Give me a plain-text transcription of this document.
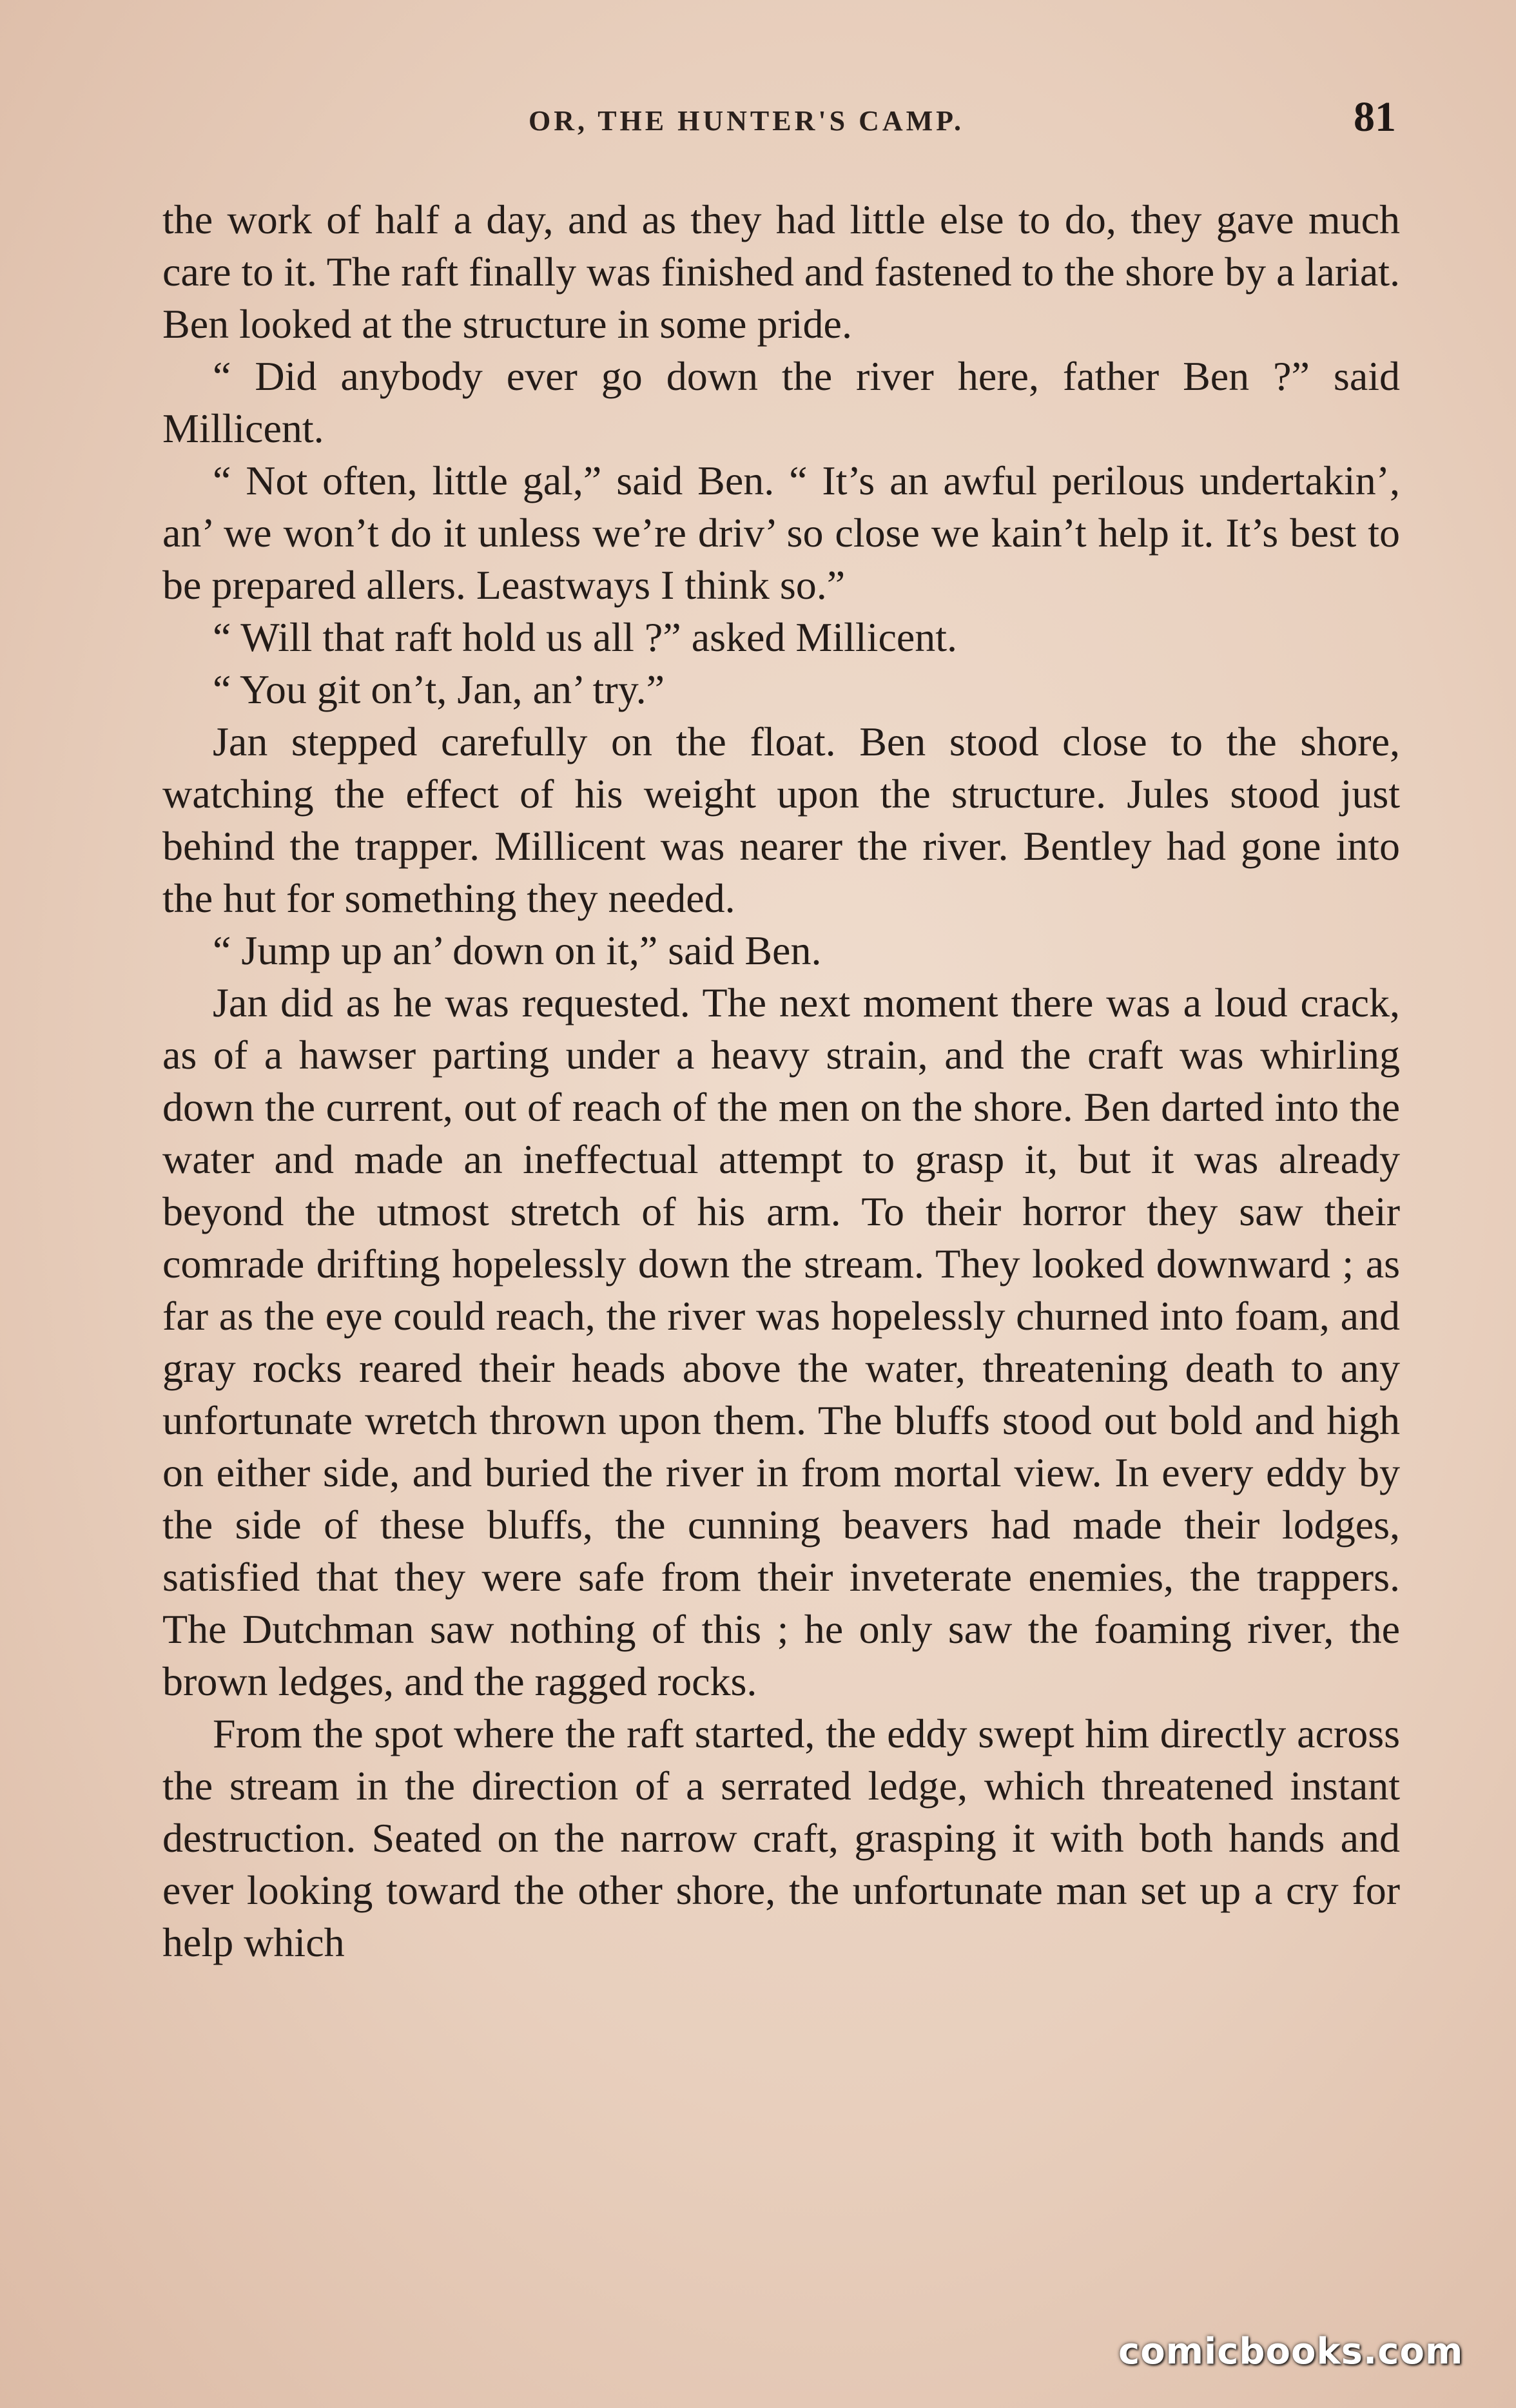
OR, THE HUNTER'S CAMP.	81

the work of half a day, and as they had little else to do, they gave much care to it. The raft finally was finished and fastened to the shore by a lariat. Ben looked at the structure in some pride.

“ Did anybody ever go down the river here, father Ben ?” said Millicent.

“ Not often, little gal,” said Ben. “ It’s an awful perilous undertakin’, an’ we won’t do it unless we’re driv’ so close we kain’t help it. It’s best to be prepared allers. Leastways I think so.”

“ Will that raft hold us all ?” asked Millicent.

“ You git on’t, Jan, an’ try.”

Jan stepped carefully on the float. Ben stood close to the shore, watching the effect of his weight upon the structure. Jules stood just behind the trapper. Millicent was nearer the river. Bentley had gone into the hut for something they needed.

“ Jump up an’ down on it,” said Ben.

Jan did as he was requested. The next moment there was a loud crack, as of a hawser parting under a heavy strain, and the craft was whirling down the current, out of reach of the men on the shore. Ben darted into the water and made an ineffectual attempt to grasp it, but it was already beyond the utmost stretch of his arm. To their horror they saw their comrade drifting hopelessly down the stream. They looked downward ; as far as the eye could reach, the river was hopelessly churned into foam, and gray rocks reared their heads above the water, threatening death to any unfortunate wretch thrown upon them. The bluffs stood out bold and high on either side, and buried the river in from mortal view. In every eddy by the side of these bluffs, the cunning beavers had made their lodges, satisfied that they were safe from their inveterate enemies, the trappers. The Dutchman saw nothing of this ; he only saw the foaming river, the brown ledges, and the ragged rocks.

From the spot where the raft started, the eddy swept him directly across the stream in the direction of a serrated ledge, which threatened instant destruction. Seated on the narrow craft, grasping it with both hands and ever looking toward the other shore, the unfortunate man set up a cry for help which

comicbooks.com
